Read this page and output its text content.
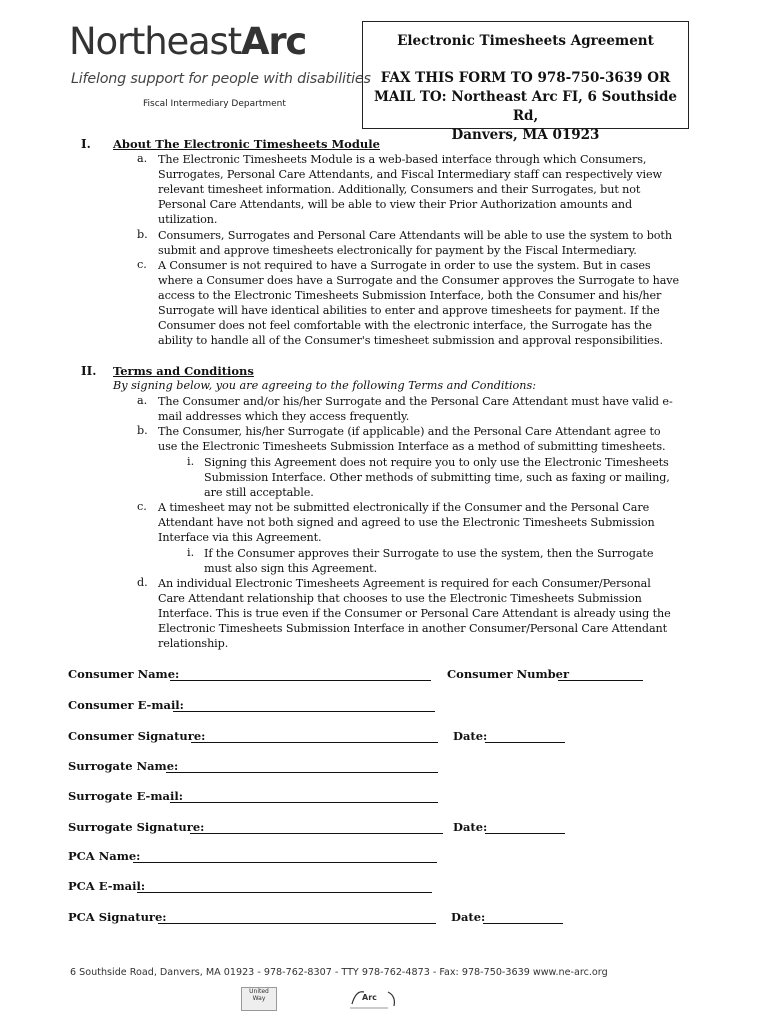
NortheastArc
Lifelong support for people with disabilities
Fiscal Intermediary Department
Electronic Timesheets Agreement
FAX THIS FORM TO 978-750-3639 OR
MAIL TO: Northeast Arc FI, 6 Southside Rd,
Danvers, MA 01923
I. About The Electronic Timesheets Module
a. The Electronic Timesheets Module is a web-based interface through which Consumers,
Surrogates, Personal Care Attendants, and Fiscal Intermediary staff can respectively view
relevant timesheet information. Additionally, Consumers and their Surrogates, but not
Personal Care Attendants, will be able to view their Prior Authorization amounts and
utilization.
b. Consumers, Surrogates and Personal Care Attendants will be able to use the system to both
submit and approve timesheets electronically for payment by the Fiscal Intermediary.
c. A Consumer is not required to have a Surrogate in order to use the system. But in cases
where a Consumer does have a Surrogate and the Consumer approves the Surrogate to have
access to the Electronic Timesheets Submission Interface, both the Consumer and his/her
Surrogate will have identical abilities to enter and approve timesheets for payment. If the
Consumer does not feel comfortable with the electronic interface, the Surrogate has the
ability to handle all of the Consumer's timesheet submission and approval responsibilities.
II. Terms and Conditions
By signing below, you are agreeing to the following Terms and Conditions:
a. The Consumer and/or his/her Surrogate and the Personal Care Attendant must have valid e-
mail addresses which they access frequently.
b. The Consumer, his/her Surrogate (if applicable) and the Personal Care Attendant agree to
use the Electronic Timesheets Submission Interface as a method of submitting timesheets.
i. Signing this Agreement does not require you to only use the Electronic Timesheets
Submission Interface. Other methods of submitting time, such as faxing or mailing,
are still acceptable.
c. A timesheet may not be submitted electronically if the Consumer and the Personal Care
Attendant have not both signed and agreed to use the Electronic Timesheets Submission
Interface via this Agreement.
i. If the Consumer approves their Surrogate to use the system, then the Surrogate
must also sign this Agreement.
d. An individual Electronic Timesheets Agreement is required for each Consumer/Personal
Care Attendant relationship that chooses to use the Electronic Timesheets Submission
Interface. This is true even if the Consumer or Personal Care Attendant is already using the
Electronic Timesheets Submission Interface in another Consumer/Personal Care Attendant
relationship.
Consumer Name:	Consumer Number
Consumer E-mail:
Consumer Signature:	Date:
Surrogate Name:
Surrogate E-mail:
Surrogate Signature:	Date:
PCA Name:
PCA E-mail:
PCA Signature:	Date:
6 Southside Road, Danvers, MA 01923 - 978-762-8307 - TTY 978-762-4873 - Fax: 978-750-3639 www.ne-arc.org
United Way	Arc
